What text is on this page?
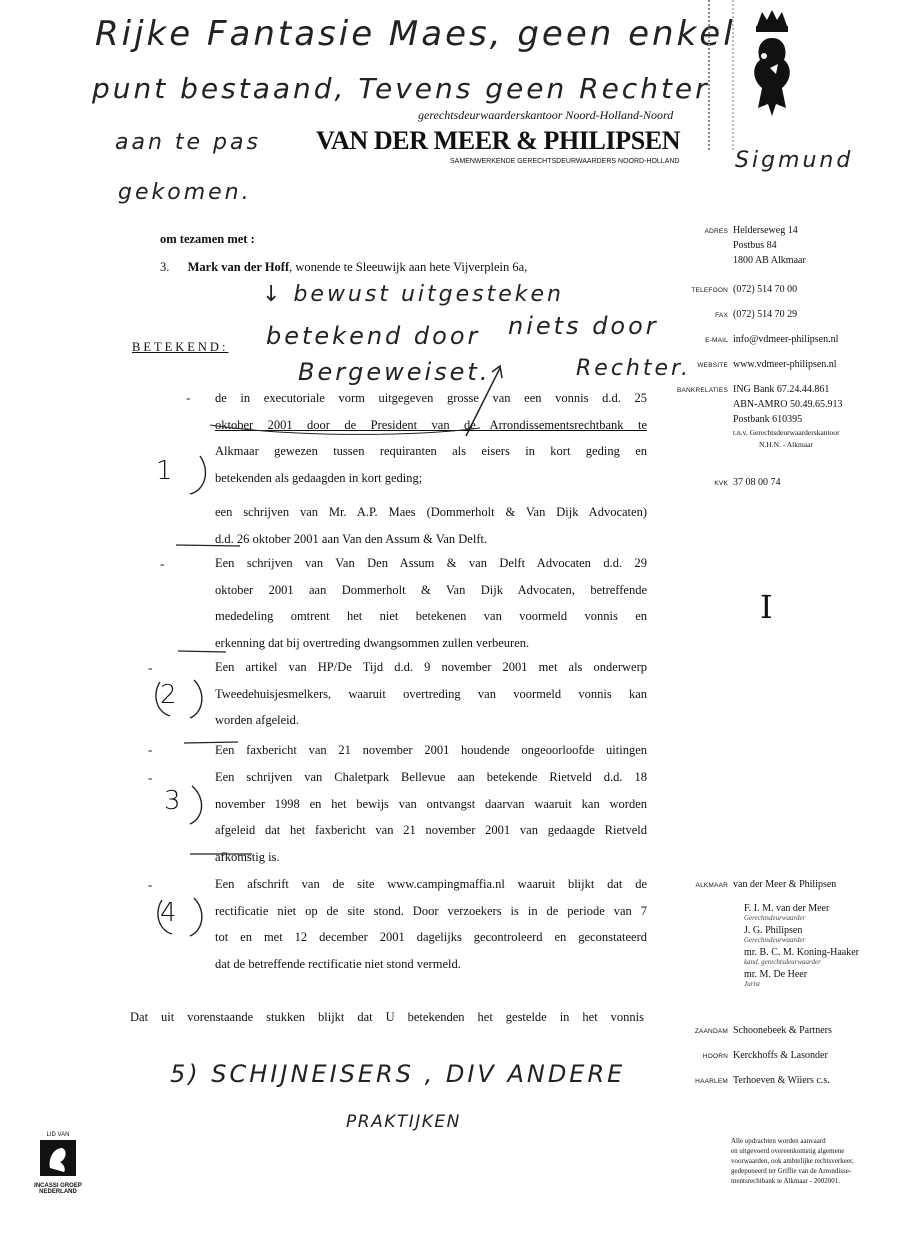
Rijke Fantasie Maes, geen enkel
punt bestaand, Tevens geen Rechter
aan te pas
gekomen.
Sigmund
gerechtsdeurwaarderskantoor Noord-Holland-Noord
VAN DER MEER & PHILIPSEN
SAMENWERKENDE GERECHTSDEURWAARDERS NOORD-HOLLAND
ADRES Helderseweg 14
Postbus 84
1800 AB Alkmaar
TELEFOON (072) 514 70 00
FAX (072) 514 70 29
E-MAIL info@vdmeer-philipsen.nl
WEBSITE www.vdmeer-philipsen.nl
BANKRELATIES ING Bank 67.24.44.861
ABN-AMRO 50.49.65.913
Postbank 610395
t.n.v. Gerechtsdeurwaarderskantoor
N.H.N. - Alkmaar
KVK 37 08 00 74
ALKMAAR van der Meer & Philipsen
F. I. M. van der Meer
Gerechtsdeurwaarder
J. G. Philipsen
Gerechtsdeurwaarder
mr. B. C. M. Koning-Haaker
kand. gerechtsdeurwaarder
mr. M. De Heer
Jurist
ZAANDAM Schoonebeek & Partners
HOORN Kerckhoffs & Lasonder
HAARLEM Terhoeven & Wiiers c.s.
Alle opdrachten worden aanvaard
en uitgevoerd overeenkomstig algemene
voorwaarden, ook ambtelijke rechtsverkeer,
gedeponeerd ter Griffie van de Arrondisse-
mentsrechtbank te Alkmaar - 2002001.
om tezamen met :
3. Mark van der Hoff, wonende te Sleeuwijk aan hete Vijverplein 6a,
↓ bewust uitgesteken
betekend door niets door
Bergeweiset.	Rechter.
BETEKEND:
- de in executoriale vorm uitgegeven grosse van een vonnis d.d. 25
oktober 2001 door de President van de Arrondissementsrechtbank te
Alkmaar gewezen tussen requiranten als eisers in kort geding en
betekenden als gedaagden in kort geding;
een schrijven van Mr. A.P. Maes (Dommerholt & Van Dijk Advocaten)
d.d. 26 oktober 2001 aan Van den Assum & Van Delft.
-	Een schrijven van Van Den Assum & van Delft Advocaten d.d. 29
oktober 2001 aan Dommerholt & Van Dijk Advocaten, betreffende
mededeling omtrent het niet betekenen van voormeld vonnis en
erkenning dat bij overtreding dwangsommen zullen verbeuren.
-	Een artikel van HP/De Tijd d.d. 9 november 2001 met als onderwerp
Tweedehuisjesmelkers, waaruit overtreding van voormeld vonnis kan
worden afgeleid.
-	Een faxbericht van 21 november 2001 houdende ongeoorloofde uitingen
-	Een schrijven van Chaletpark Bellevue aan betekende Rietveld d.d. 18
november 1998 en het bewijs van ontvangst daarvan waaruit kan worden
afgeleid dat het faxbericht van 21 november 2001 van gedaagde Rietveld
afkomstig is.
-	Een afschrift van de site www.campingmaffia.nl waaruit blijkt dat de
rectificatie niet op de site stond. Door verzoekers is in de periode van 7
tot en met 12 december 2001 dagelijks gecontroleerd en geconstateerd
dat de betreffende rectificatie niet stond vermeld.
Dat uit vorenstaande stukken blijkt dat U betekenden het gestelde in het vonnis
1
2
3
4
I
5) SCHIJNEISERS , DIV ANDERE
PRAKTIJKEN
LID VAN
INCASSI GROEP
NEDERLAND
